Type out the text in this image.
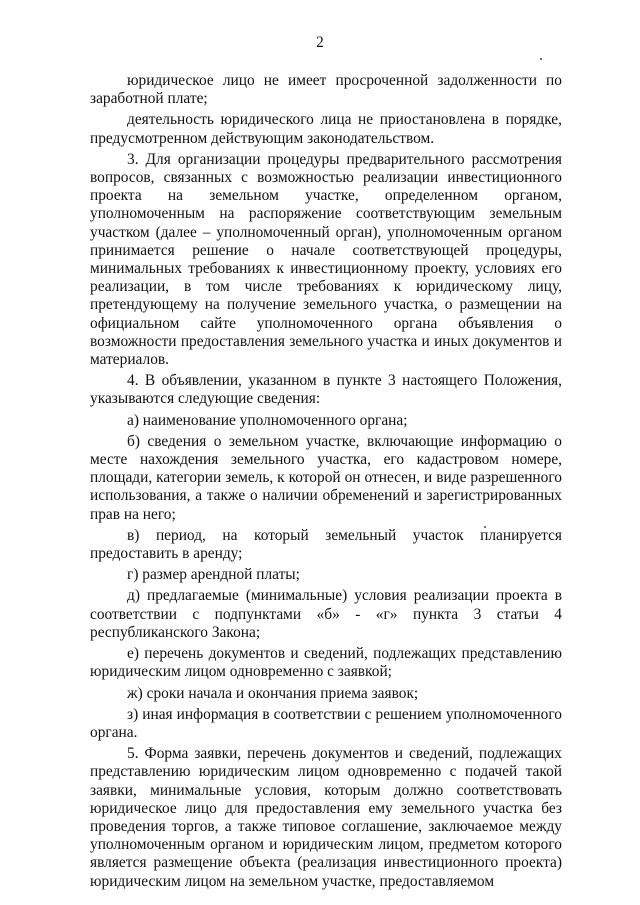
2

юридическое лицо не имеет просроченной задолженности по заработной плате;

деятельность юридического лица не приостановлена в порядке, предусмотренном действующим законодательством.

3. Для организации процедуры предварительного рассмотрения вопросов, связанных с возможностью реализации инвестиционного проекта на земельном участке, определенном органом, уполномоченным на распоряжение соответствующим земельным участком (далее – уполномоченный орган), уполномоченным органом принимается решение о начале соответствующей процедуры, минимальных требованиях к инвестиционному проекту, условиях его реализации, в том числе требованиях к юридическому лицу, претендующему на получение земельного участка, о размещении на официальном сайте уполномоченного органа объявления о возможности предоставления земельного участка и иных документов и материалов.

4. В объявлении, указанном в пункте 3 настоящего Положения, указываются следующие сведения:

а) наименование уполномоченного органа;

б) сведения о земельном участке, включающие информацию о месте нахождения земельного участка, его кадастровом номере, площади, категории земель, к которой он отнесен, и виде разрешенного использования, а также о наличии обременений и зарегистрированных прав на него;

в) период, на который земельный участок планируется предоставить в аренду;

г) размер арендной платы;

д) предлагаемые (минимальные) условия реализации проекта в соответствии с подпунктами «б» - «г» пункта 3 статьи 4 республиканского Закона;

е) перечень документов и сведений, подлежащих представлению юридическим лицом одновременно с заявкой;

ж) сроки начала и окончания приема заявок;

з) иная информация в соответствии с решением уполномоченного органа.

5. Форма заявки, перечень документов и сведений, подлежащих представлению юридическим лицом одновременно с подачей такой заявки, минимальные условия, которым должно соответствовать юридическое лицо для предоставления ему земельного участка без проведения торгов, а также типовое соглашение, заключаемое между уполномоченным органом и юридическим лицом, предметом которого является размещение объекта (реализация инвестиционного проекта) юридическим лицом на земельном участке, предоставляемом
